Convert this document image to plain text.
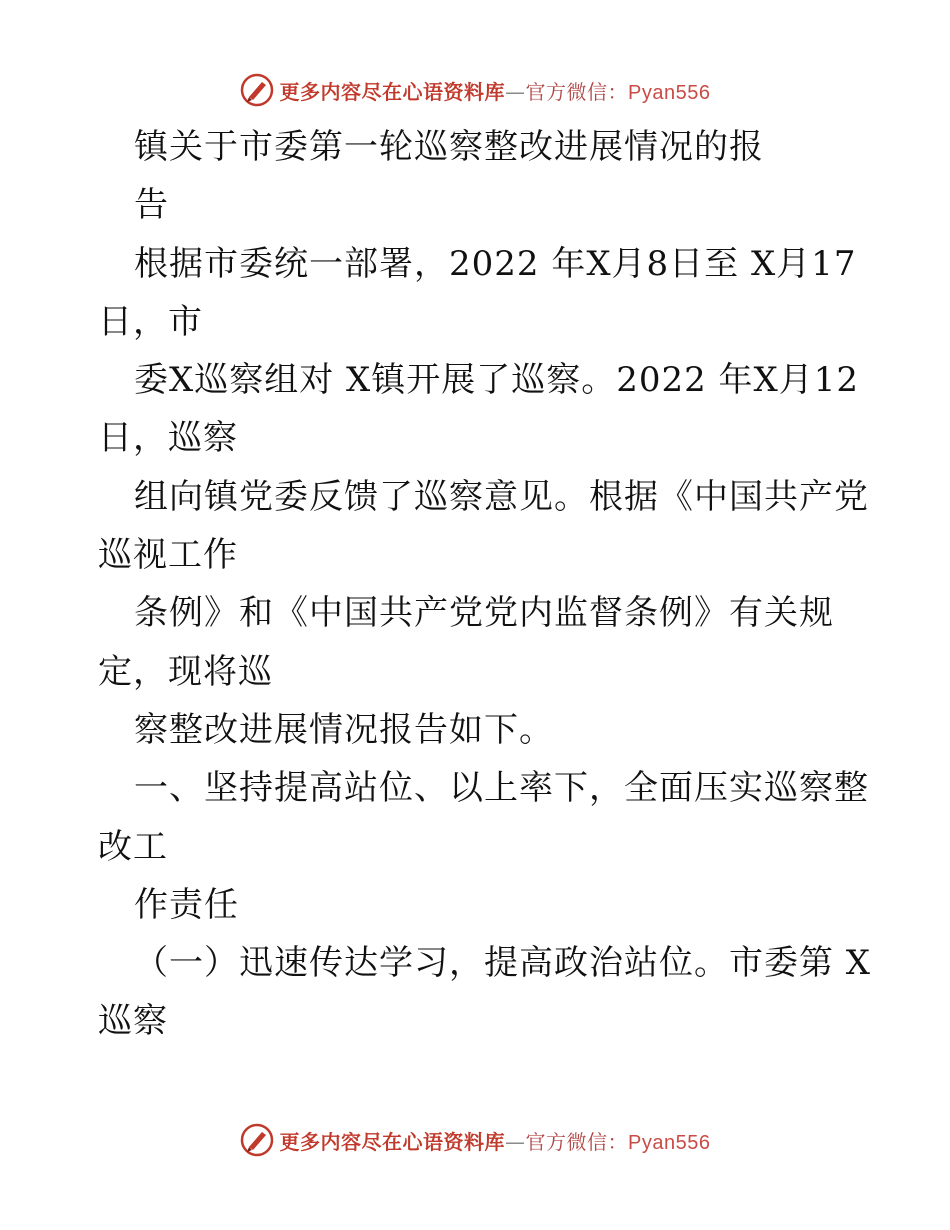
更多内容尽在心语资料库—官方微信：Pyan556
镇关于市委第一轮巡察整改进展情况的报
告
根据市委统一部署，2022 年X月8日至 X月17
日，市
委X巡察组对 X镇开展了巡察。2022 年X月12
日，巡察
组向镇党委反馈了巡察意见。根据《中国共产党
巡视工作
条例》和《中国共产党党内监督条例》有关规
定，现将巡
察整改进展情况报告如下。
一、坚持提高站位、以上率下，全面压实巡察整
改工
作责任
（一）迅速传达学习，提高政治站位。市委第 X
巡察
更多内容尽在心语资料库—官方微信：Pyan556
